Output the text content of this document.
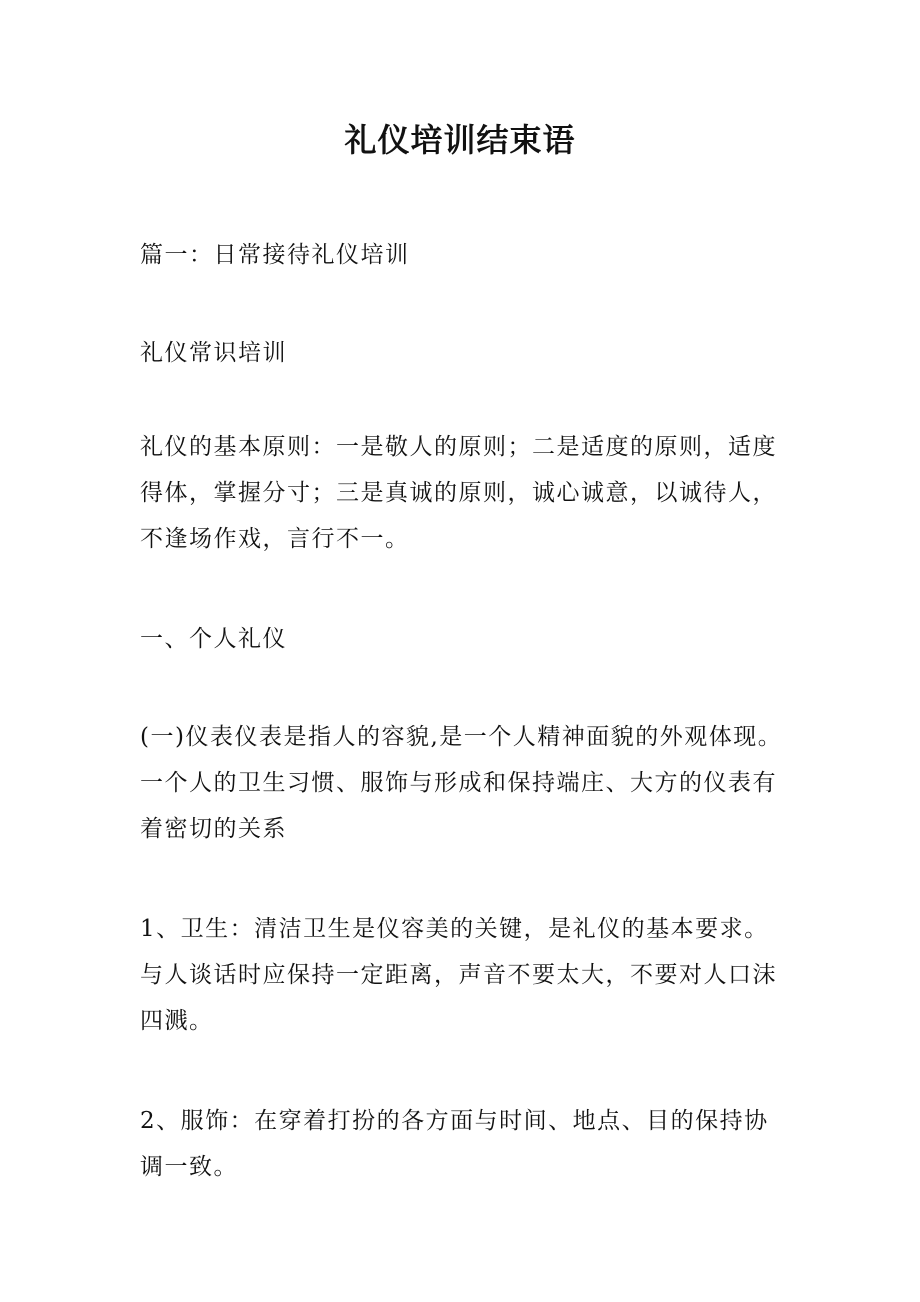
礼仪培训结束语

篇一：日常接待礼仪培训

礼仪常识培训

礼仪的基本原则：一是敬人的原则；二是适度的原则，适度得体，掌握分寸；三是真诚的原则，诚心诚意，以诚待人，不逢场作戏，言行不一。

一、个人礼仪

(一)仪表仪表是指人的容貌,是一个人精神面貌的外观体现。一个人的卫生习惯、服饰与形成和保持端庄、大方的仪表有着密切的关系

1、卫生：清洁卫生是仪容美的关键，是礼仪的基本要求。与人谈话时应保持一定距离，声音不要太大，不要对人口沫四溅。

2、服饰：在穿着打扮的各方面与时间、地点、目的保持协调一致。
